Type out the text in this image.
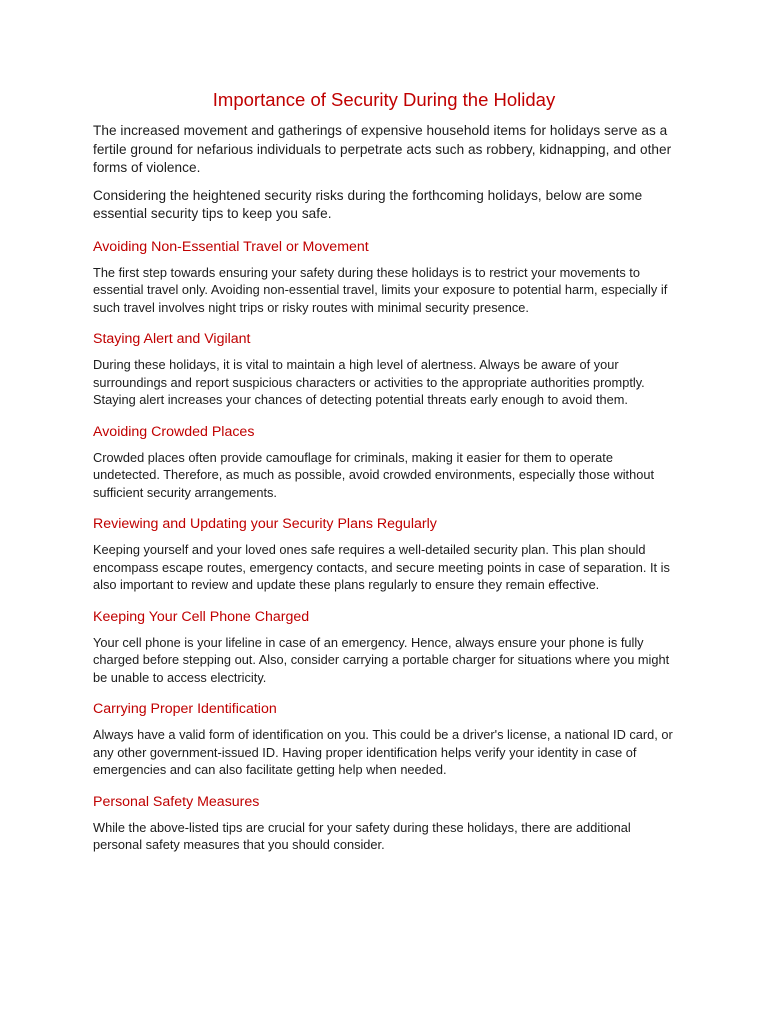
Importance of Security During the Holiday

The increased movement and gatherings of expensive household items for holidays serve as a fertile ground for nefarious individuals to perpetrate acts such as robbery, kidnapping, and other forms of violence.

Considering the heightened security risks during the forthcoming holidays, below are some essential security tips to keep you safe.

Avoiding Non-Essential Travel or Movement

The first step towards ensuring your safety during these holidays is to restrict your movements to essential travel only. Avoiding non-essential travel, limits your exposure to potential harm, especially if such travel involves night trips or risky routes with minimal security presence.

Staying Alert and Vigilant

During these holidays, it is vital to maintain a high level of alertness. Always be aware of your surroundings and report suspicious characters or activities to the appropriate authorities promptly. Staying alert increases your chances of detecting potential threats early enough to avoid them.

Avoiding Crowded Places

Crowded places often provide camouflage for criminals, making it easier for them to operate undetected. Therefore, as much as possible, avoid crowded environments, especially those without sufficient security arrangements.

Reviewing and Updating your Security Plans Regularly

Keeping yourself and your loved ones safe requires a well-detailed security plan. This plan should encompass escape routes, emergency contacts, and secure meeting points in case of separation. It is also important to review and update these plans regularly to ensure they remain effective.

Keeping Your Cell Phone Charged

Your cell phone is your lifeline in case of an emergency. Hence, always ensure your phone is fully charged before stepping out. Also, consider carrying a portable charger for situations where you might be unable to access electricity.

Carrying Proper Identification

Always have a valid form of identification on you. This could be a driver's license, a national ID card, or any other government-issued ID. Having proper identification helps verify your identity in case of emergencies and can also facilitate getting help when needed.

Personal Safety Measures

While the above-listed tips are crucial for your safety during these holidays, there are additional personal safety measures that you should consider.
